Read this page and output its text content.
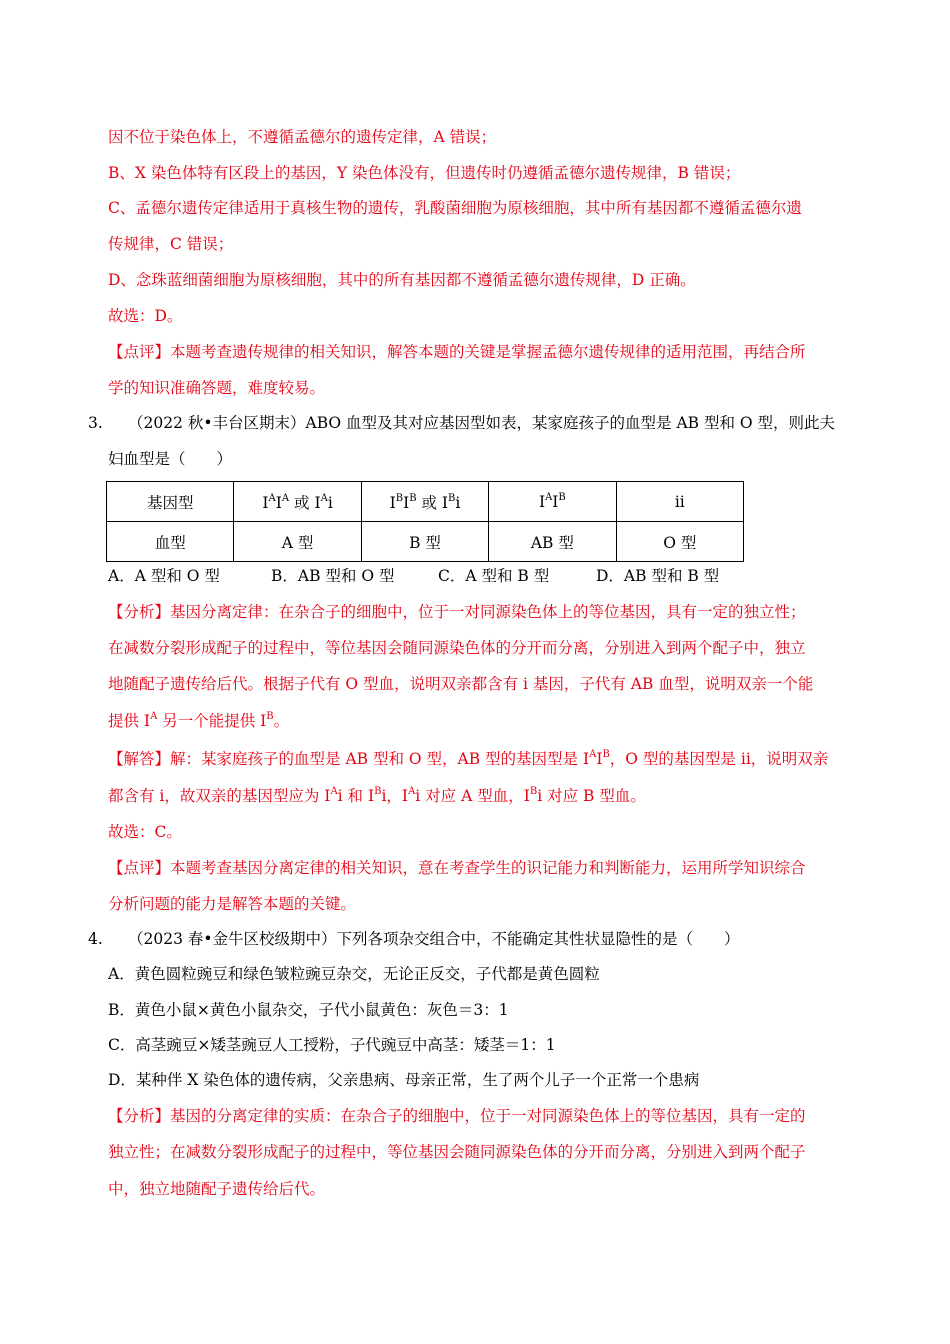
因不位于染色体上，不遵循孟德尔的遗传定律，A 错误；
B、X 染色体特有区段上的基因，Y 染色体没有，但遗传时仍遵循孟德尔遗传规律，B 错误；
C、孟德尔遗传定律适用于真核生物的遗传，乳酸菌细胞为原核细胞，其中所有基因都不遵循孟德尔遗
传规律，C 错误；
D、念珠蓝细菌细胞为原核细胞，其中的所有基因都不遵循孟德尔遗传规律，D 正确。
故选：D。
【点评】本题考查遗传规律的相关知识，解答本题的关键是掌握孟德尔遗传规律的适用范围，再结合所
学的知识准确答题，难度较易。
3. （2022 秋•丰台区期末）ABO 血型及其对应基因型如表，某家庭孩子的血型是 AB 型和 O 型，则此夫
妇血型是（　　）
基因型	$I^AI^A$ 或 $I^Ai$	$I^BI^B$ 或 $I^Bi$	$I^AI^B$	ii
血型	A 型	B 型	AB 型	O 型
A．A 型和 O 型	B．AB 型和 O 型	C．A 型和 B 型	D．AB 型和 B 型
【分析】基因分离定律：在杂合子的细胞中，位于一对同源染色体上的等位基因，具有一定的独立性；
在减数分裂形成配子的过程中，等位基因会随同源染色体的分开而分离，分别进入到两个配子中，独立
地随配子遗传给后代。根据子代有 O 型血，说明双亲都含有 i 基因，子代有 AB 血型，说明双亲一个能
提供 $I^A$ 另一个能提供 $I^B$。
【解答】解：某家庭孩子的血型是 AB 型和 O 型，AB 型的基因型是 $I^AI^B$，O 型的基因型是 ii，说明双亲
都含有 i，故双亲的基因型应为 $I^Ai$ 和 $I^Bi$，$I^Ai$ 对应 A 型血，$I^Bi$ 对应 B 型血。
故选：C。
【点评】本题考查基因分离定律的相关知识，意在考查学生的识记能力和判断能力，运用所学知识综合
分析问题的能力是解答本题的关键。
4. （2023 春•金牛区校级期中）下列各项杂交组合中，不能确定其性状显隐性的是（　　）
A．黄色圆粒豌豆和绿色皱粒豌豆杂交，无论正反交，子代都是黄色圆粒
B．黄色小鼠×黄色小鼠杂交，子代小鼠黄色：灰色＝3：1
C．高茎豌豆×矮茎豌豆人工授粉，子代豌豆中高茎：矮茎＝1：1
D．某种伴 X 染色体的遗传病，父亲患病、母亲正常，生了两个儿子一个正常一个患病
【分析】基因的分离定律的实质：在杂合子的细胞中，位于一对同源染色体上的等位基因，具有一定的
独立性；在减数分裂形成配子的过程中，等位基因会随同源染色体的分开而分离，分别进入到两个配子
中，独立地随配子遗传给后代。
